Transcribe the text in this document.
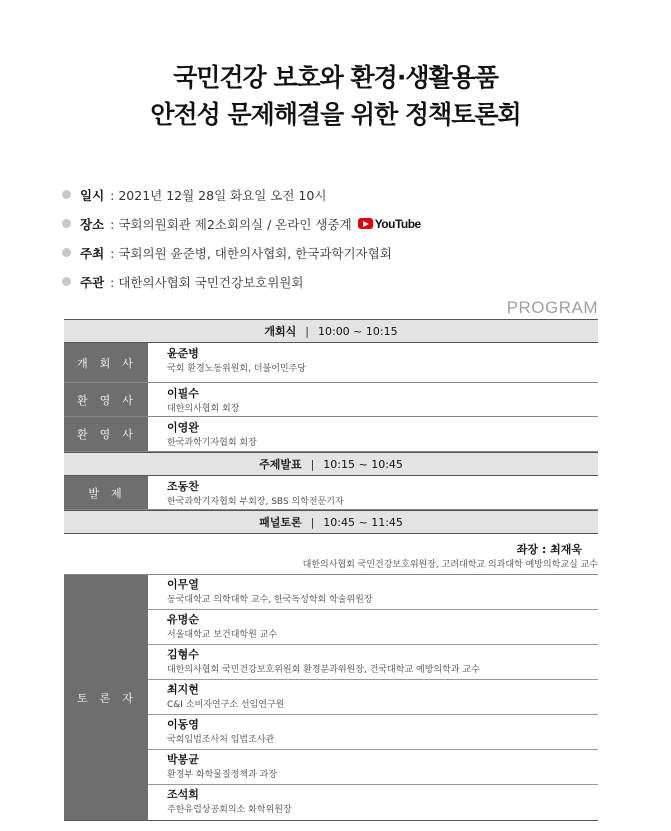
국민건강 보호와 환경·생활용품
안전성 문제해결을 위한 정책토론회
일시 : 2021년 12월 28일 화요일 오전 10시
장소 : 국회의원회관 제2소회의실 / 온라인 생중계 YouTube
주최 : 국회의원 윤준병, 대한의사협회, 한국과학기자협회
주관 : 대한의사협회 국민건강보호위원회
PROGRAM
개회식 | 10:00 ~ 10:15
개회사
윤준병
국회 환경노동위원회, 더불어민주당
환영사 이필수
대한의사협회 회장
환영사
이영완
한국과학기자협회 회장
주제발표 | 10:15 ~ 10:45
발제	조동찬
한국과학기자협회 부회장, SBS 의학전문기자
패널토론 | 10:45 ~ 11:45
좌장 : 최재욱
대한의사협회 국민건강보호위원장, 고려대학교 의과대학 예방의학교실 교수
토론자
이무열
동국대학교 의학대학 교수, 한국독성학회 학술위원장
유명순
서울대학교 보건대학원 교수
김형수
대한의사협회 국민건강보호위원회 환경분과위원장, 건국대학교 예방의학과 교수
최지현
C&I 소비자연구소 선임연구원
이동영
국회입법조사처 입법조사관
박봉균
환경부 화학물질정책과 과장
조석희
주한유럽상공회의소 화학위원장
